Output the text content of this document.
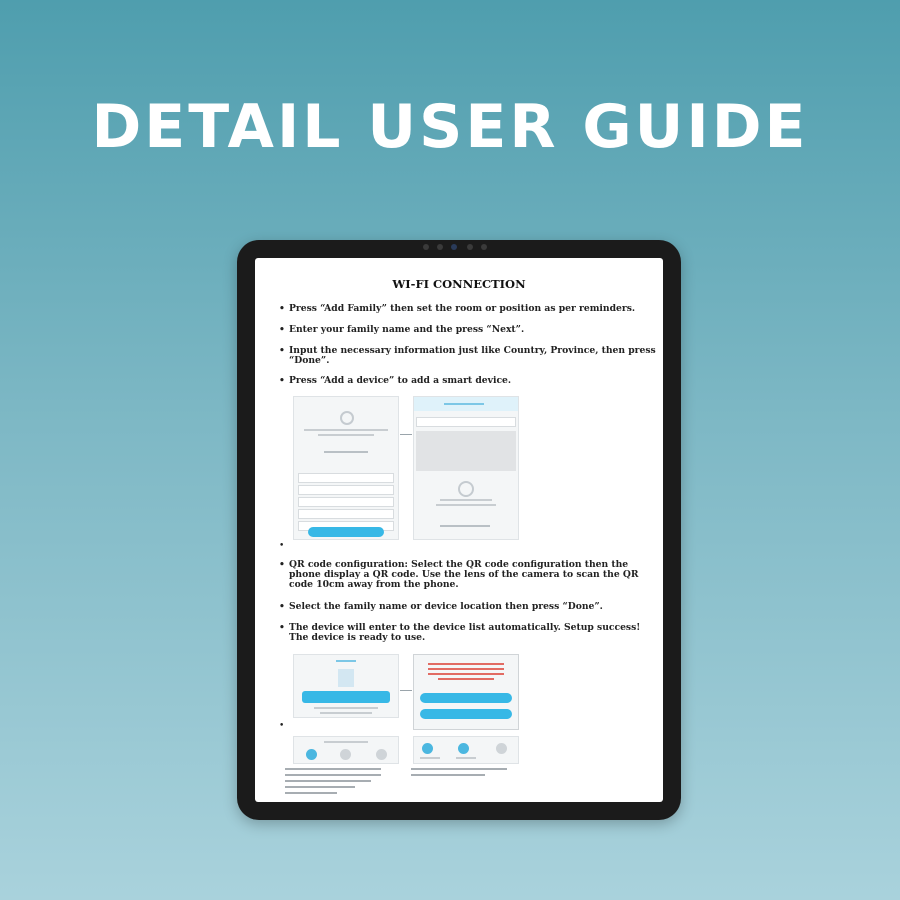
DETAIL USER GUIDE
WI-FI CONNECTION
• Press “Add Family” then set the room or position as per reminders.
• Enter your family name and the press “Next”.
• Input the necessary information just like Country, Province, then press “Done”.
• Press “Add a device” to add a smart device.
•
• QR code configuration: Select the QR code configuration then the phone display a QR code. Use the lens of the camera to scan the QR code 10cm away from the phone.
• Select the family name or device location then press “Done”.
• The device will enter to the device list automatically. Setup success! The device is ready to use.
•
